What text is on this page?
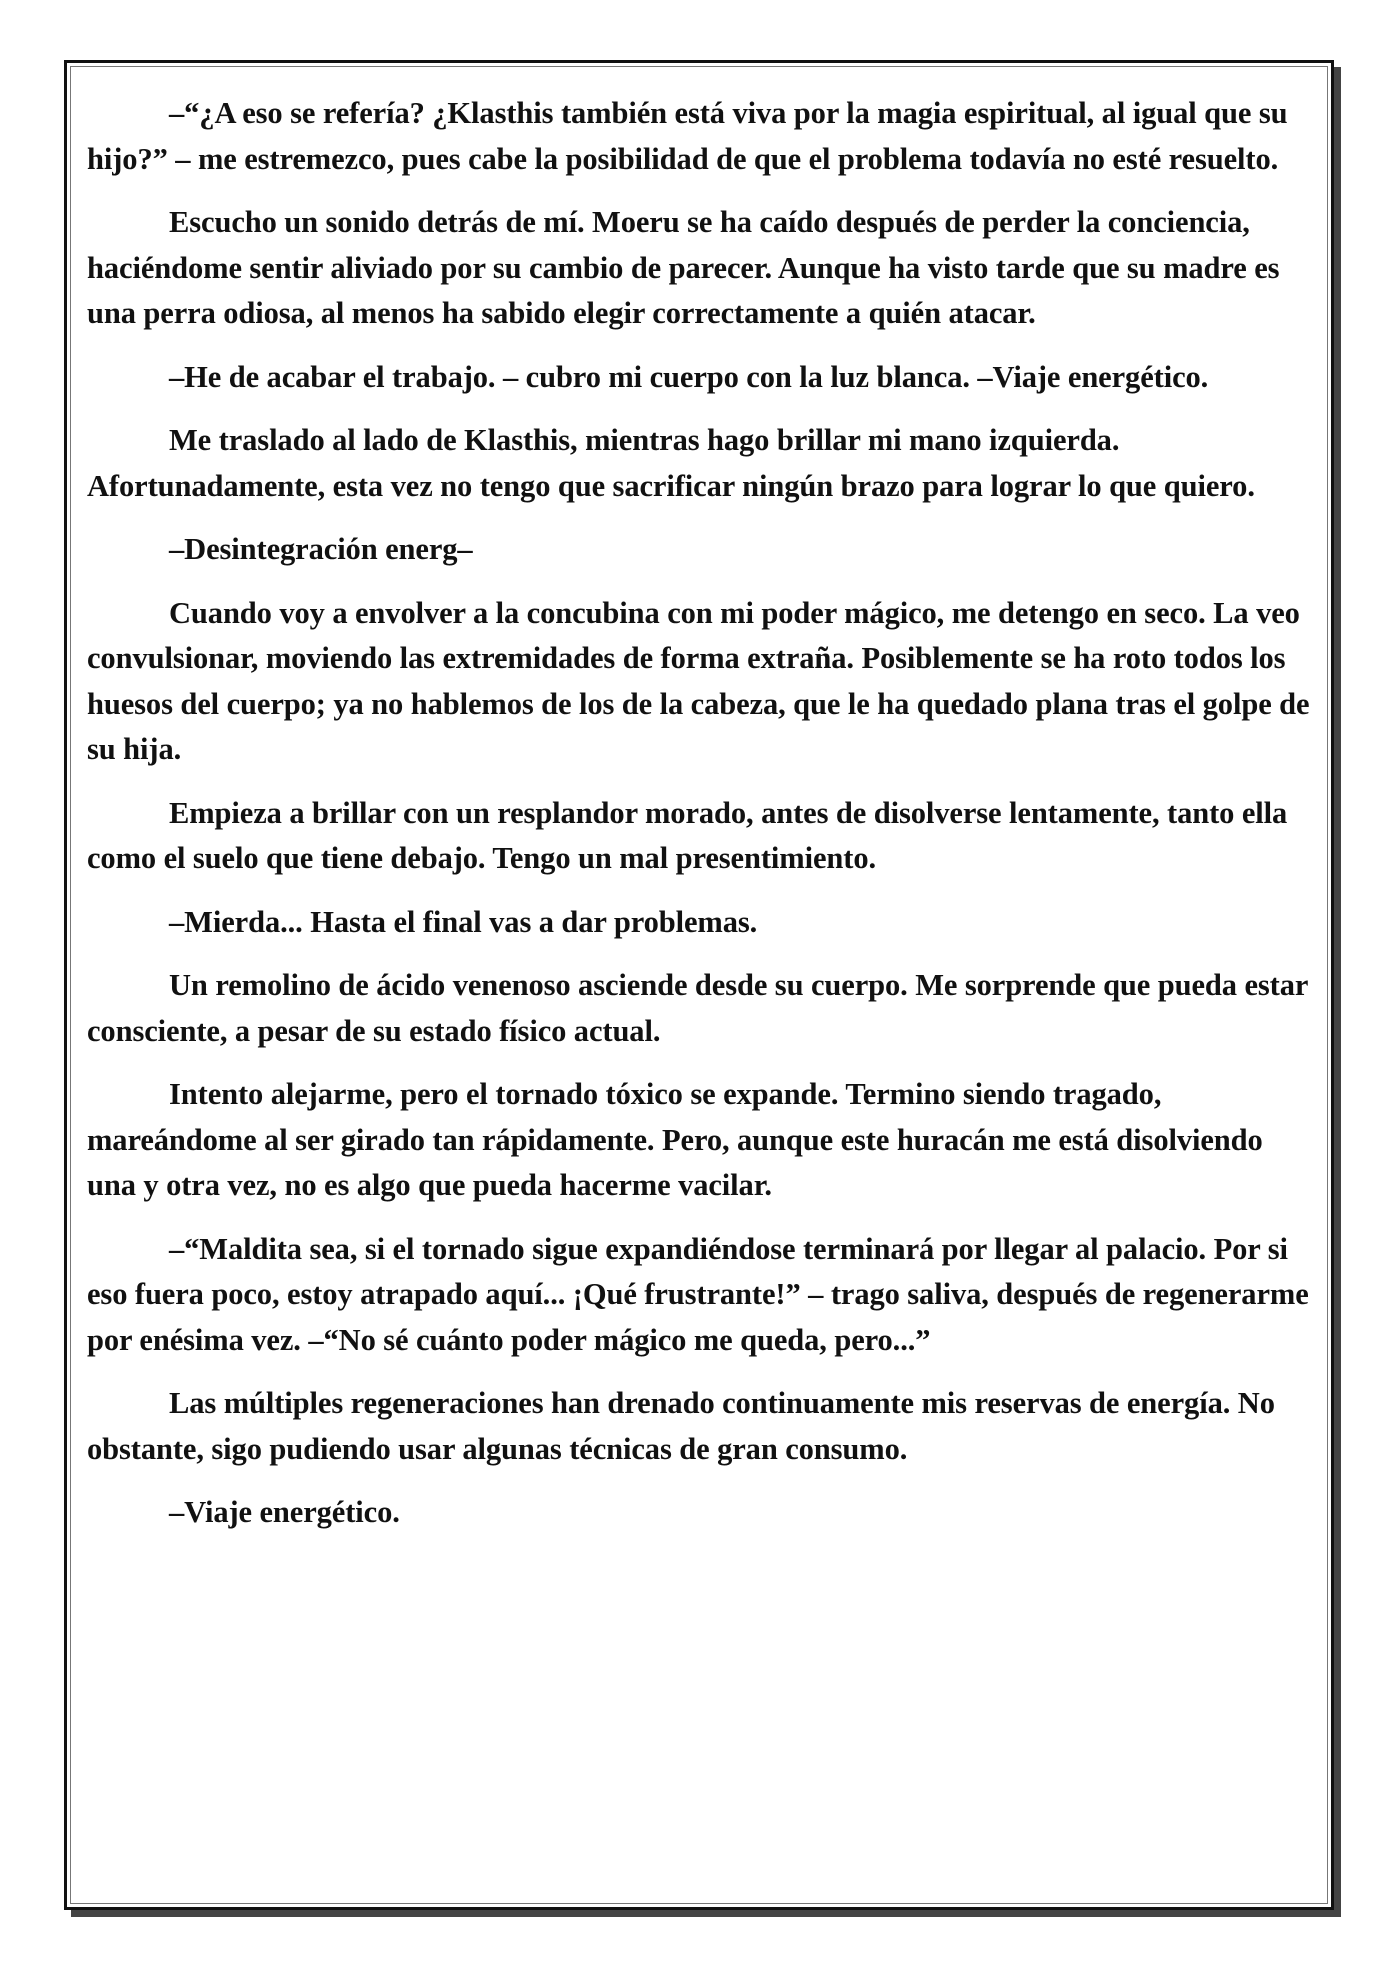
–“¿A eso se refería? ¿Klasthis también está viva por la magia espiritual, al igual que su hijo?” – me estremezco, pues cabe la posibilidad de que el problema todavía no esté resuelto.

Escucho un sonido detrás de mí. Moeru se ha caído después de perder la conciencia, haciéndome sentir aliviado por su cambio de parecer. Aunque ha visto tarde que su madre es una perra odiosa, al menos ha sabido elegir correctamente a quién atacar.

–He de acabar el trabajo. – cubro mi cuerpo con la luz blanca. –Viaje energético.

Me traslado al lado de Klasthis, mientras hago brillar mi mano izquierda. Afortunadamente, esta vez no tengo que sacrificar ningún brazo para lograr lo que quiero.

–Desintegración energ–

Cuando voy a envolver a la concubina con mi poder mágico, me detengo en seco. La veo convulsionar, moviendo las extremidades de forma extraña. Posiblemente se ha roto todos los huesos del cuerpo; ya no hablemos de los de la cabeza, que le ha quedado plana tras el golpe de su hija.

Empieza a brillar con un resplandor morado, antes de disolverse lentamente, tanto ella como el suelo que tiene debajo. Tengo un mal presentimiento.

–Mierda... Hasta el final vas a dar problemas.

Un remolino de ácido venenoso asciende desde su cuerpo. Me sorprende que pueda estar consciente, a pesar de su estado físico actual.

Intento alejarme, pero el tornado tóxico se expande. Termino siendo tragado, mareándome al ser girado tan rápidamente. Pero, aunque este huracán me está disolviendo una y otra vez, no es algo que pueda hacerme vacilar.

–“Maldita sea, si el tornado sigue expandiéndose terminará por llegar al palacio. Por si eso fuera poco, estoy atrapado aquí... ¡Qué frustrante!” – trago saliva, después de regenerarme por enésima vez. –“No sé cuánto poder mágico me queda, pero...”

Las múltiples regeneraciones han drenado continuamente mis reservas de energía. No obstante, sigo pudiendo usar algunas técnicas de gran consumo.

–Viaje energético.
